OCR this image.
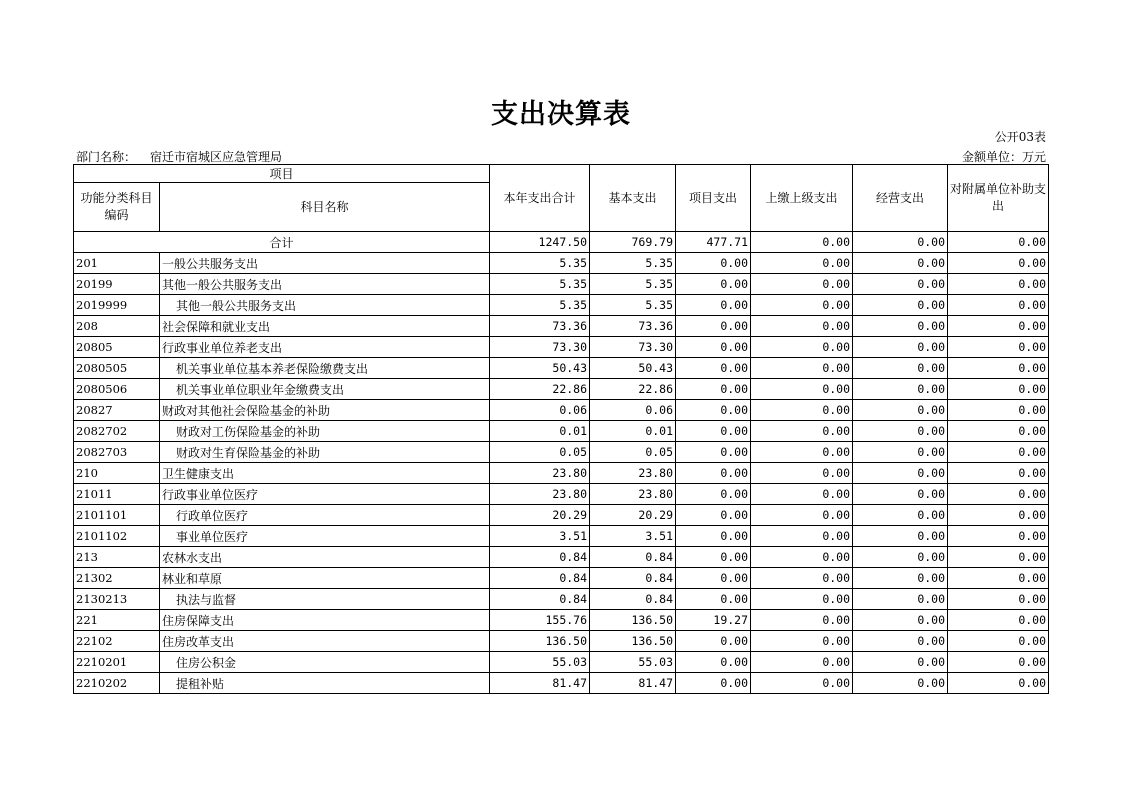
支出决算表
公开03表
部门名称： 宿迁市宿城区应急管理局	金额单位：万元
项目		本年支出合计	基本支出	项目支出	上缴上级支出	经营支出	对附属单位补助支出
功能分类科目编码	科目名称						
合计		1247.50	769.79	477.71	0.00	0.00	0.00
201	一般公共服务支出	5.35	5.35	0.00	0.00	0.00	0.00
20199	其他一般公共服务支出	5.35	5.35	0.00	0.00	0.00	0.00
2019999	其他一般公共服务支出	5.35	5.35	0.00	0.00	0.00	0.00
208	社会保障和就业支出	73.36	73.36	0.00	0.00	0.00	0.00
20805	行政事业单位养老支出	73.30	73.30	0.00	0.00	0.00	0.00
2080505	机关事业单位基本养老保险缴费支出	50.43	50.43	0.00	0.00	0.00	0.00
2080506	机关事业单位职业年金缴费支出	22.86	22.86	0.00	0.00	0.00	0.00
20827	财政对其他社会保险基金的补助	0.06	0.06	0.00	0.00	0.00	0.00
2082702	财政对工伤保险基金的补助	0.01	0.01	0.00	0.00	0.00	0.00
2082703	财政对生育保险基金的补助	0.05	0.05	0.00	0.00	0.00	0.00
210	卫生健康支出	23.80	23.80	0.00	0.00	0.00	0.00
21011	行政事业单位医疗	23.80	23.80	0.00	0.00	0.00	0.00
2101101	行政单位医疗	20.29	20.29	0.00	0.00	0.00	0.00
2101102	事业单位医疗	3.51	3.51	0.00	0.00	0.00	0.00
213	农林水支出	0.84	0.84	0.00	0.00	0.00	0.00
21302	林业和草原	0.84	0.84	0.00	0.00	0.00	0.00
2130213	执法与监督	0.84	0.84	0.00	0.00	0.00	0.00
221	住房保障支出	155.76	136.50	19.27	0.00	0.00	0.00
22102	住房改革支出	136.50	136.50	0.00	0.00	0.00	0.00
2210201	住房公积金	55.03	55.03	0.00	0.00	0.00	0.00
2210202	提租补贴	81.47	81.47	0.00	0.00	0.00	0.00
